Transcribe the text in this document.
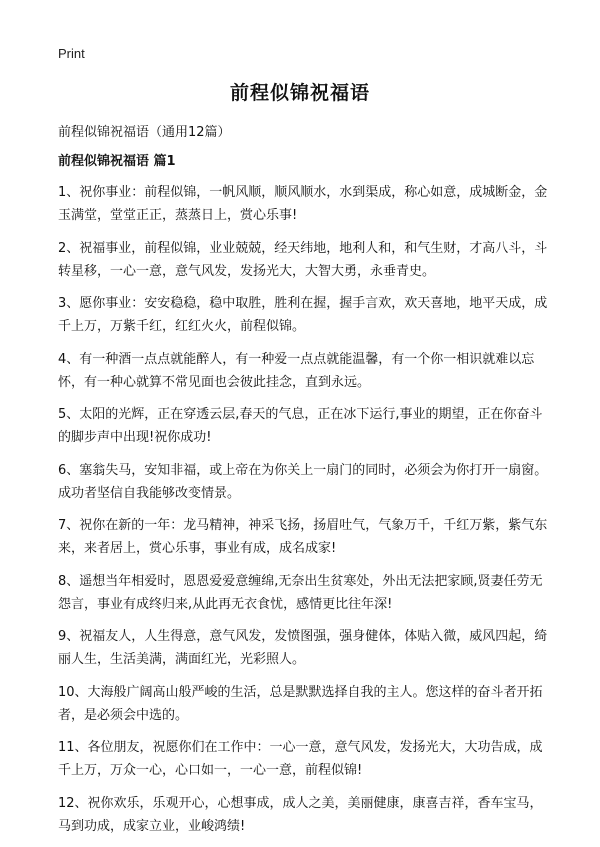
Print
前程似锦祝福语
前程似锦祝福语（通用12篇）
前程似锦祝福语 篇1

1、祝你事业：前程似锦，一帆风顺，顺风顺水，水到渠成，称心如意，成城断金，金玉满堂，堂堂正正，蒸蒸日上，赏心乐事!

2、祝福事业，前程似锦，业业兢兢，经天纬地，地利人和，和气生财，才高八斗，斗转星移，一心一意，意气风发，发扬光大，大智大勇，永垂青史。

3、愿你事业：安安稳稳，稳中取胜，胜利在握，握手言欢，欢天喜地，地平天成，成千上万，万紫千红，红红火火，前程似锦。

4、有一种酒一点点就能醉人，有一种爱一点点就能温馨，有一个你一相识就难以忘怀，有一种心就算不常见面也会彼此挂念，直到永远。

5、太阳的光辉，正在穿透云层,春天的气息，正在冰下运行,事业的期望，正在你奋斗的脚步声中出现!祝你成功!

6、塞翁失马，安知非福，或上帝在为你关上一扇门的同时，必须会为你打开一扇窗。成功者坚信自我能够改变情景。

7、祝你在新的一年：龙马精神，神采飞扬，扬眉吐气，气象万千，千红万紫，紫气东来，来者居上，赏心乐事，事业有成，成名成家!

8、遥想当年相爱时，恩恩爱爱意缠绵,无奈出生贫寒处，外出无法把家顾,贤妻任劳无怨言，事业有成终归来,从此再无衣食忧，感情更比往年深!

9、祝福友人，人生得意，意气风发，发愤图强，强身健体，体贴入微，威风四起，绮丽人生，生活美满，满面红光，光彩照人。

10、大海般广阔高山般严峻的生活，总是默默选择自我的主人。您这样的奋斗者开拓者，是必须会中选的。

11、各位朋友，祝愿你们在工作中：一心一意，意气风发，发扬光大，大功告成，成千上万，万众一心，心口如一，一心一意，前程似锦!

12、祝你欢乐，乐观开心，心想事成，成人之美，美丽健康，康喜吉祥，香车宝马，马到功成，成家立业，业峻鸿绩!
